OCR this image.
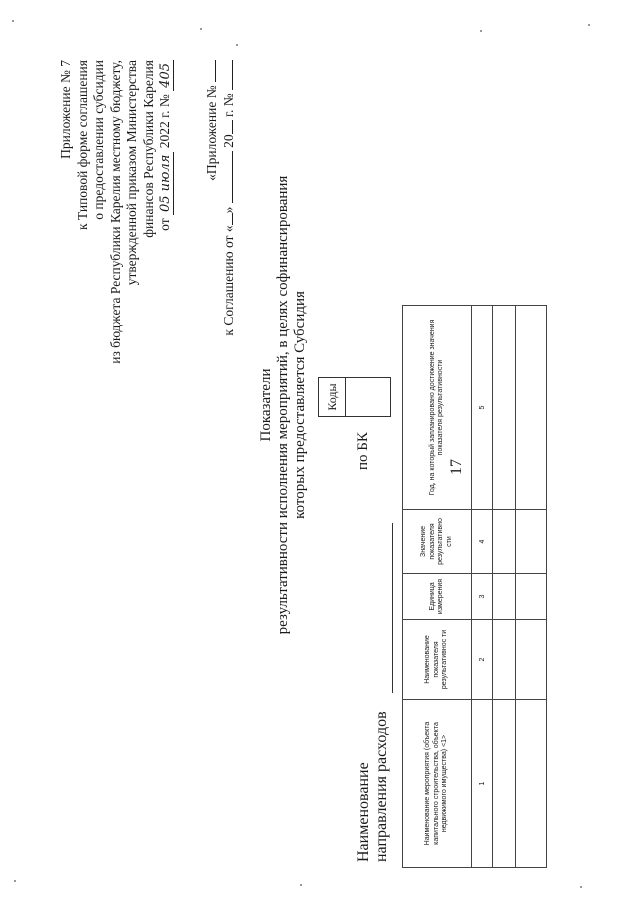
Приложение № 7 к Типовой форме соглашения о предоставлении субсидии из бюджета Республики Карелия местному бюджету, утвержденной приказом Министерства финансов Республики Карелия от 05 июля 2022 г. № 405
«Приложение №
к Соглашению от «»  20 г. №
Показатели результативности исполнения мероприятий, в целях софинансирования которых предоставляется Субсидия
Наименование направления расходов
по БК
Коды
Наименование мероприятия (объекта капитального строительства, объекта недвижимого имущества) <1>	Наименование показателя результативнос ти	Единица измерения	Значение показателя результативно сти	Год, на который запланировано достижение значения показателя результативности
1	2	3	4	5

17
